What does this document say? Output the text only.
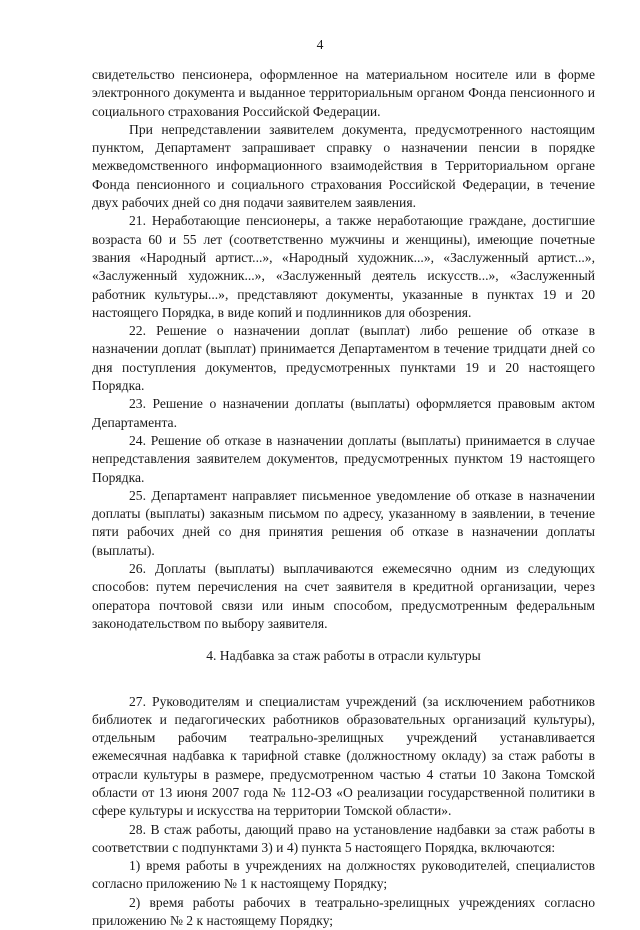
4

свидетельство пенсионера, оформленное на материальном носителе или в форме электронного документа и выданное территориальным органом Фонда пенсионного и социального страхования Российской Федерации.

При непредставлении заявителем документа, предусмотренного настоящим пунктом, Департамент запрашивает справку о назначении пенсии в порядке межведомственного информационного взаимодействия в Территориальном органе Фонда пенсионного и социального страхования Российской Федерации, в течение двух рабочих дней со дня подачи заявителем заявления.

21. Неработающие пенсионеры, а также неработающие граждане, достигшие возраста 60 и 55 лет (соответственно мужчины и женщины), имеющие почетные звания «Народный артист...», «Народный художник...», «Заслуженный артист...», «Заслуженный художник...», «Заслуженный деятель искусств...», «Заслуженный работник культуры...», представляют документы, указанные в пунктах 19 и 20 настоящего Порядка, в виде копий и подлинников для обозрения.

22. Решение о назначении доплат (выплат) либо решение об отказе в назначении доплат (выплат) принимается Департаментом в течение тридцати дней со дня поступления документов, предусмотренных пунктами 19 и 20 настоящего Порядка.

23. Решение о назначении доплаты (выплаты) оформляется правовым актом Департамента.

24. Решение об отказе в назначении доплаты (выплаты) принимается в случае непредставления заявителем документов, предусмотренных пунктом 19 настоящего Порядка.

25. Департамент направляет письменное уведомление об отказе в назначении доплаты (выплаты) заказным письмом по адресу, указанному в заявлении, в течение пяти рабочих дней со дня принятия решения об отказе в назначении доплаты (выплаты).

26. Доплаты (выплаты) выплачиваются ежемесячно одним из следующих способов: путем перечисления на счет заявителя в кредитной организации, через оператора почтовой связи или иным способом, предусмотренным федеральным законодательством по выбору заявителя.

4. Надбавка за стаж работы в отрасли культуры

27. Руководителям и специалистам учреждений (за исключением работников библиотек и педагогических работников образовательных организаций культуры), отдельным рабочим театрально-зрелищных учреждений устанавливается ежемесячная надбавка к тарифной ставке (должностному окладу) за стаж работы в отрасли культуры в размере, предусмотренном частью 4 статьи 10 Закона Томской области от 13 июня 2007 года № 112-ОЗ «О реализации государственной политики в сфере культуры и искусства на территории Томской области».

28. В стаж работы, дающий право на установление надбавки за стаж работы в соответствии с подпунктами 3) и 4) пункта 5 настоящего Порядка, включаются:

1) время работы в учреждениях на должностях руководителей, специалистов согласно приложению № 1 к настоящему Порядку;

2) время работы рабочих в театрально-зрелищных учреждениях согласно приложению № 2 к настоящему Порядку;
